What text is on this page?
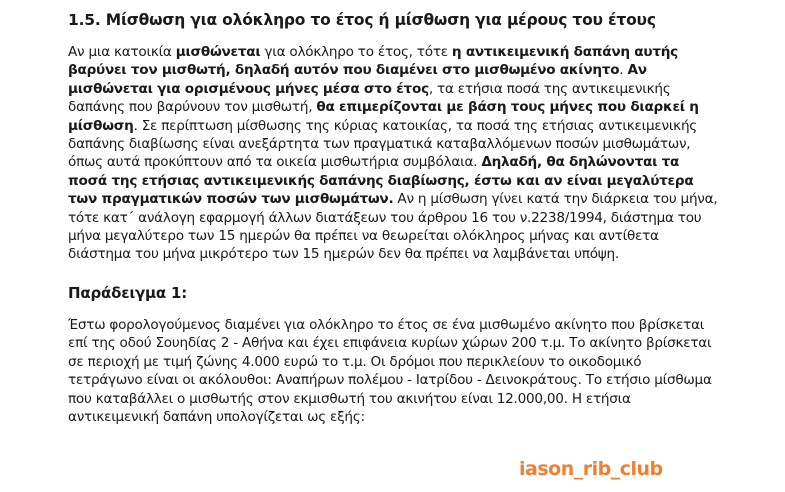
1.5. Μίσθωση για ολόκληρο το έτος ή μίσθωση για μέρους του έτους

Αν μια κατοικία μισθώνεται για ολόκληρο το έτος, τότε η αντικειμενική δαπάνη αυτής βαρύνει τον μισθωτή, δηλαδή αυτόν που διαμένει στο μισθωμένο ακίνητο. Αν μισθώνεται για ορισμένους μήνες μέσα στο έτος, τα ετήσια ποσά της αντικειμενικής δαπάνης που βαρύνουν τον μισθωτή, θα επιμερίζονται με βάση τους μήνες που διαρκεί η μίσθωση. Σε περίπτωση μίσθωσης της κύριας κατοικίας, τα ποσά της ετήσιας αντικειμενικής δαπάνης διαβίωσης είναι ανεξάρτητα των πραγματικά καταβαλλόμενων ποσών μισθωμάτων, όπως αυτά προκύπτουν από τα οικεία μισθωτήρια συμβόλαια. Δηλαδή, θα δηλώνονται τα ποσά της ετήσιας αντικειμενικής δαπάνης διαβίωσης, έστω και αν είναι μεγαλύτερα των πραγματικών ποσών των μισθωμάτων. Αν η μίσθωση γίνει κατά την διάρκεια του μήνα, τότε κατ΄ ανάλογη εφαρμογή άλλων διατάξεων του άρθρου 16 του ν.2238/1994, διάστημα του μήνα μεγαλύτερο των 15 ημερών θα πρέπει να θεωρείται ολόκληρος μήνας και αντίθετα διάστημα του μήνα μικρότερο των 15 ημερών δεν θα πρέπει να λαμβάνεται υπόψη.

Παράδειγμα 1:

Έστω φορολογούμενος διαμένει για ολόκληρο το έτος σε ένα μισθωμένο ακίνητο που βρίσκεται επί της οδού Σουηδίας 2 - Αθήνα και έχει επιφάνεια κυρίων χώρων 200 τ.μ. Το ακίνητο βρίσκεται σε περιοχή με τιμή ζώνης 4.000 ευρώ το τ.μ. Οι δρόμοι που περικλείουν το οικοδομικό τετράγωνο είναι οι ακόλουθοι: Αναπήρων πολέμου - Ιατρίδου - Δεινοκράτους. Το ετήσιο μίσθωμα που καταβάλλει ο μισθωτής στον εκμισθωτή του ακινήτου είναι 12.000,00. Η ετήσια αντικειμενική δαπάνη υπολογίζεται ως εξής:

iason_rib_club
